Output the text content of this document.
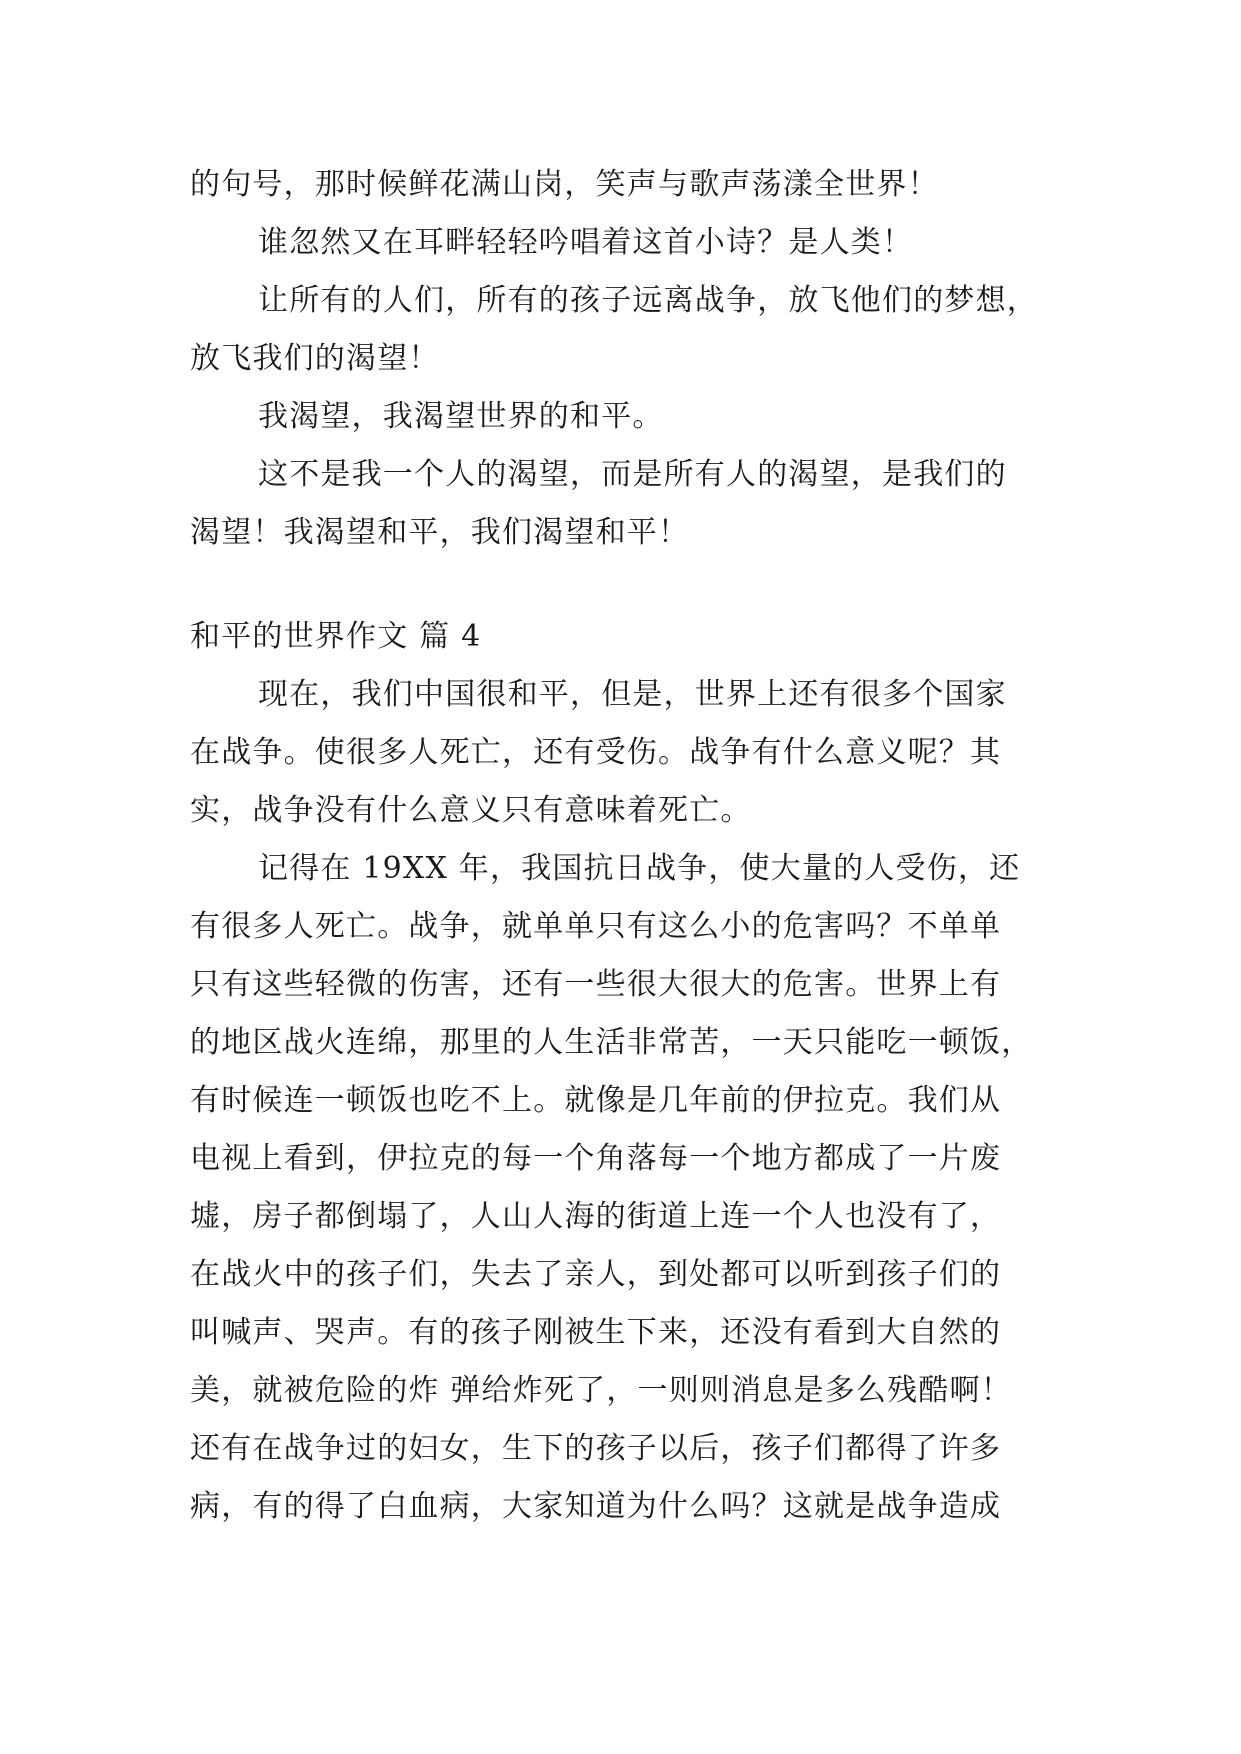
的句号，那时候鲜花满山岗，笑声与歌声荡漾全世界！
谁忽然又在耳畔轻轻吟唱着这首小诗？是人类！
让所有的人们，所有的孩子远离战争，放飞他们的梦想，
放飞我们的渴望！
我渴望，我渴望世界的和平。
这不是我一个人的渴望，而是所有人的渴望，是我们的
渴望！我渴望和平，我们渴望和平！
和平的世界作文 篇 4
现在，我们中国很和平，但是，世界上还有很多个国家
在战争。使很多人死亡，还有受伤。战争有什么意义呢？其
实，战争没有什么意义只有意味着死亡。
记得在 19XX 年，我国抗日战争，使大量的人受伤，还
有很多人死亡。战争，就单单只有这么小的危害吗？不单单
只有这些轻微的伤害，还有一些很大很大的危害。世界上有
的地区战火连绵，那里的人生活非常苦，一天只能吃一顿饭，
有时候连一顿饭也吃不上。就像是几年前的伊拉克。我们从
电视上看到，伊拉克的每一个角落每一个地方都成了一片废
墟，房子都倒塌了，人山人海的街道上连一个人也没有了，
在战火中的孩子们，失去了亲人，到处都可以听到孩子们的
叫喊声、哭声。有的孩子刚被生下来，还没有看到大自然的
美，就被危险的炸 弹给炸死了，一则则消息是多么残酷啊！
还有在战争过的妇女，生下的孩子以后，孩子们都得了许多
病，有的得了白血病，大家知道为什么吗？这就是战争造成
